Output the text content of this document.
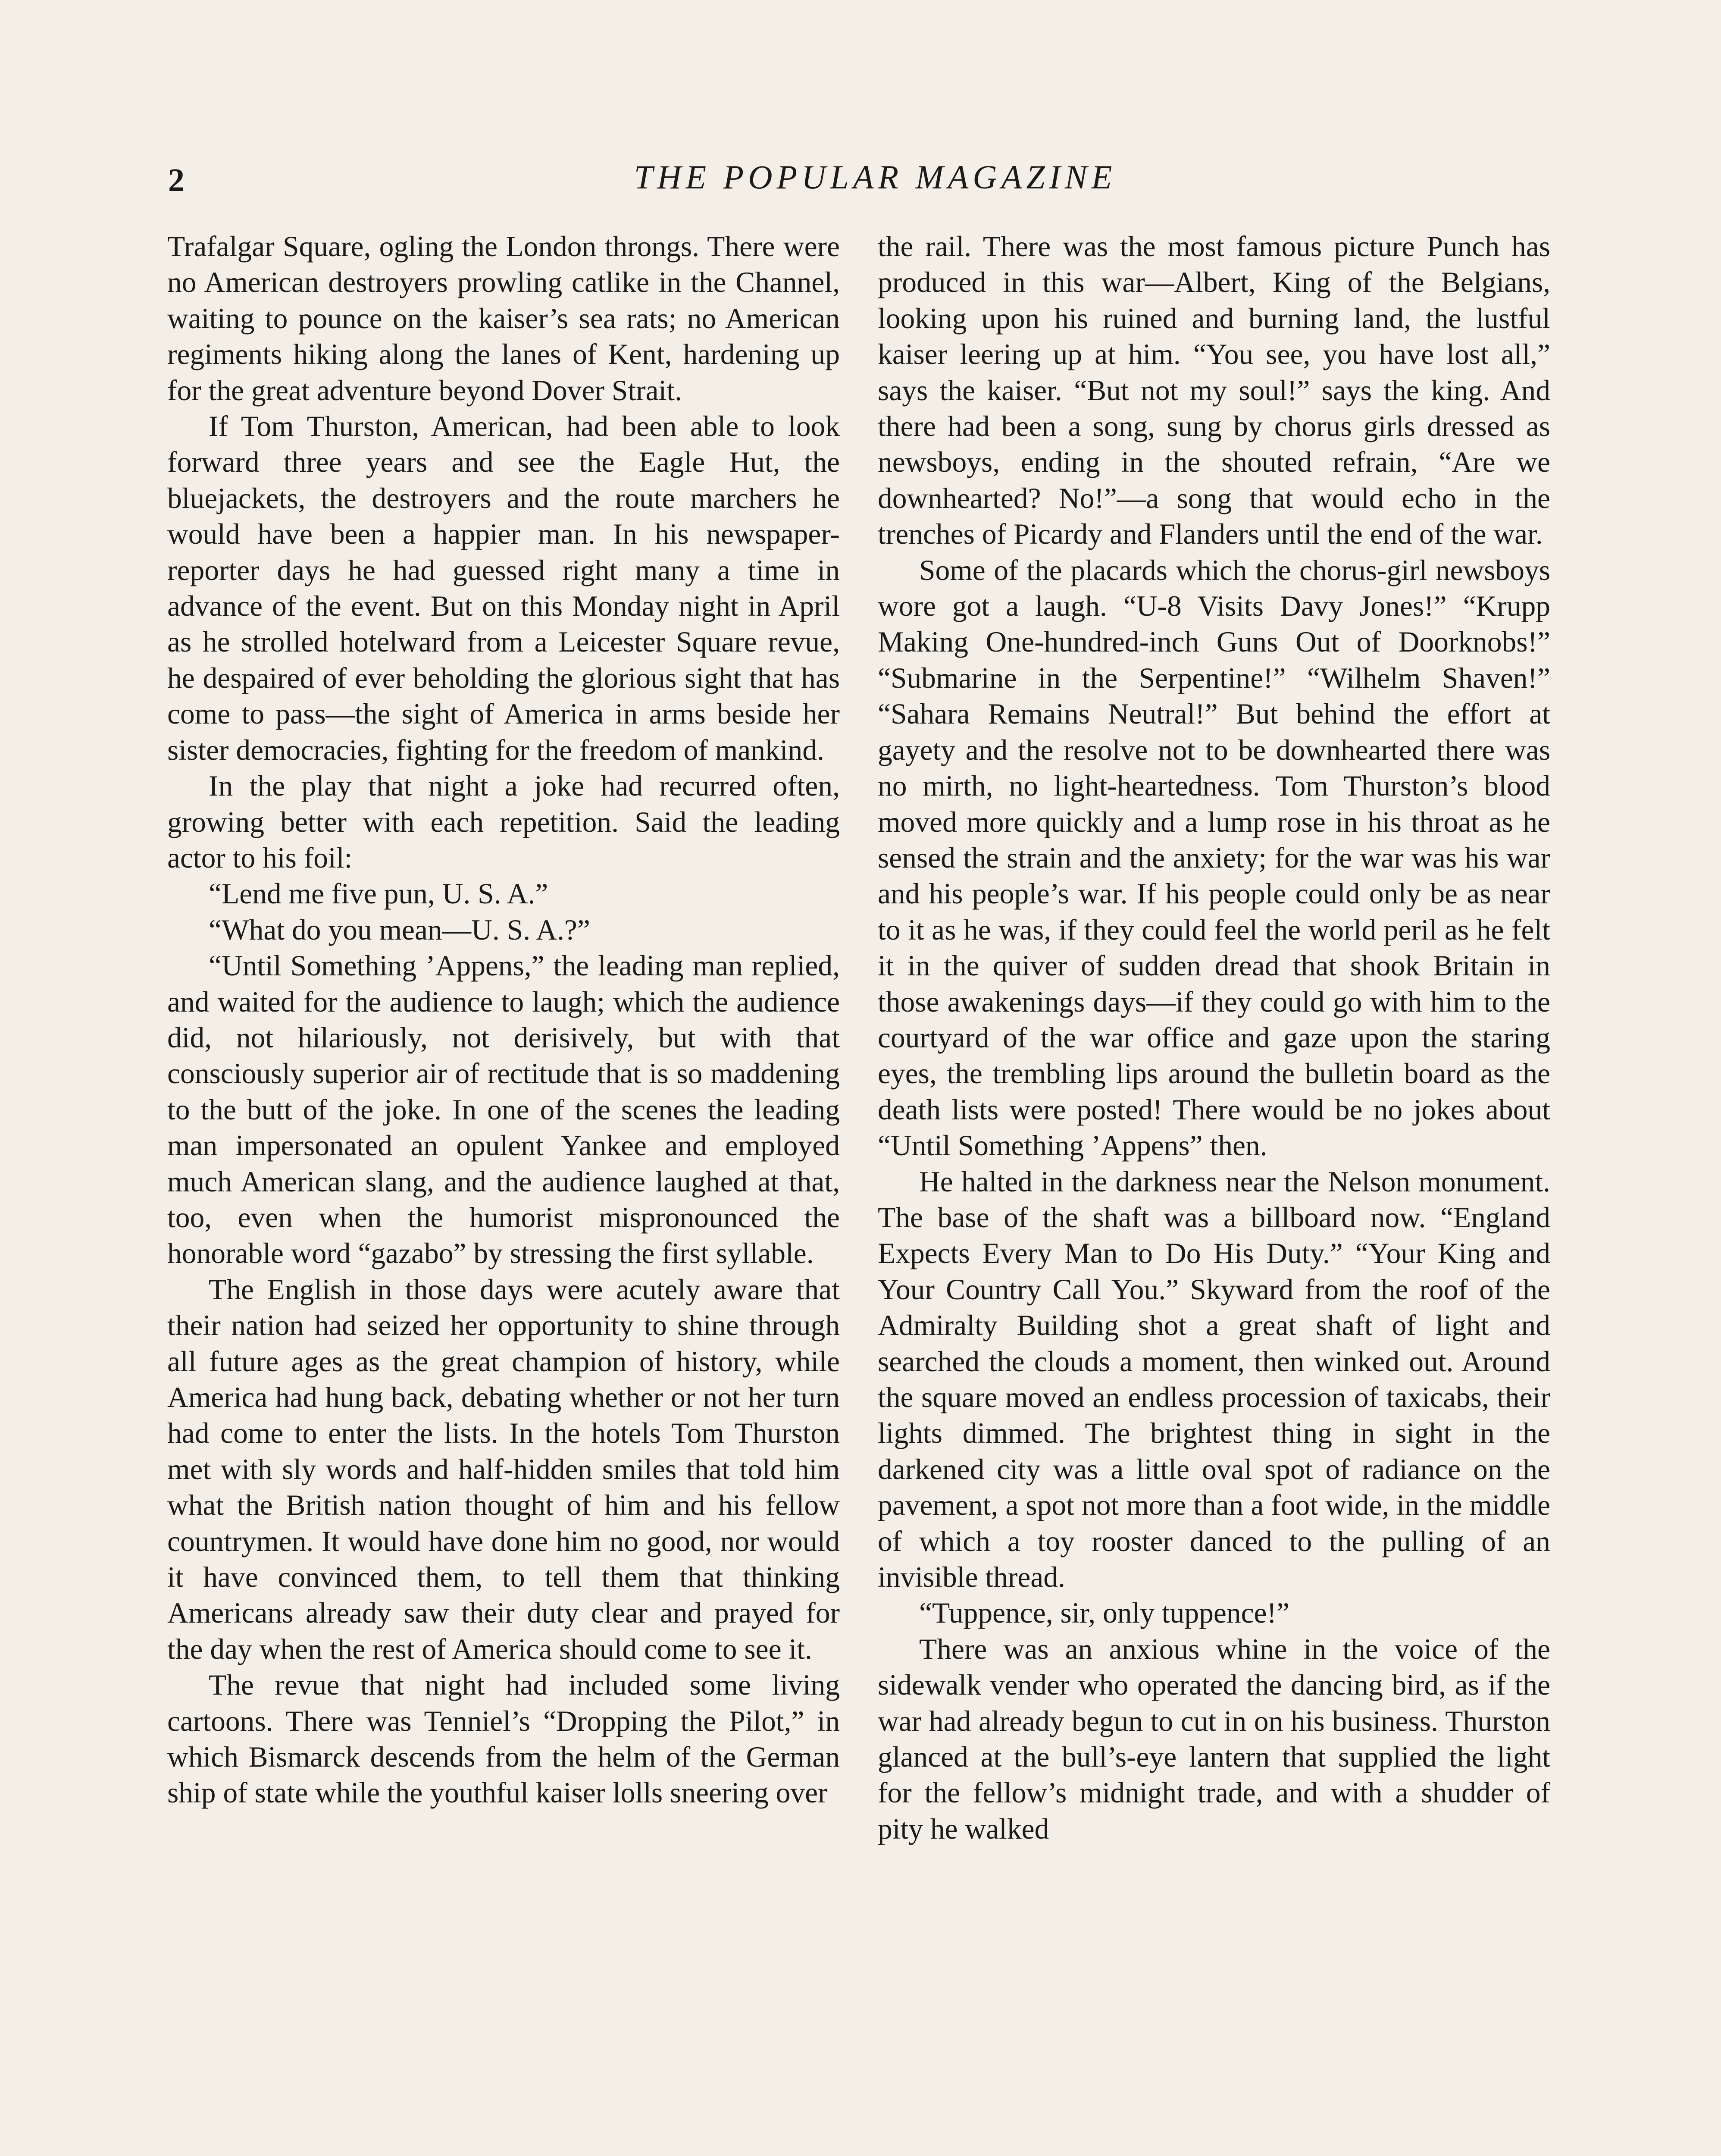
2	THE POPULAR MAGAZINE

Trafalgar Square, ogling the London throngs. There were no American destroyers prowling catlike in the Channel, waiting to pounce on the kaiser’s sea rats; no American regiments hiking along the lanes of Kent, hardening up for the great adventure beyond Dover Strait.

If Tom Thurston, American, had been able to look forward three years and see the Eagle Hut, the bluejackets, the destroyers and the route marchers he would have been a happier man. In his newspaper-reporter days he had guessed right many a time in advance of the event. But on this Monday night in April as he strolled hotelward from a Leicester Square revue, he despaired of ever beholding the glorious sight that has come to pass—the sight of America in arms beside her sister democracies, fighting for the freedom of mankind.

In the play that night a joke had recurred often, growing better with each repetition. Said the leading actor to his foil:

“Lend me five pun, U. S. A.”

“What do you mean—U. S. A.?”

“Until Something ’Appens,” the leading man replied, and waited for the audience to laugh; which the audience did, not hilariously, not derisively, but with that consciously superior air of rectitude that is so maddening to the butt of the joke. In one of the scenes the leading man impersonated an opulent Yankee and employed much American slang, and the audience laughed at that, too, even when the humorist mispronounced the honorable word “gazabo” by stressing the first syllable.

The English in those days were acutely aware that their nation had seized her opportunity to shine through all future ages as the great champion of history, while America had hung back, debating whether or not her turn had come to enter the lists. In the hotels Tom Thurston met with sly words and half-hidden smiles that told him what the British nation thought of him and his fellow countrymen. It would have done him no good, nor would it have convinced them, to tell them that thinking Americans already saw their duty clear and prayed for the day when the rest of America should come to see it.

The revue that night had included some living cartoons. There was Tenniel’s “Dropping the Pilot,” in which Bismarck descends from the helm of the German ship of state while the youthful kaiser lolls sneering over

the rail. There was the most famous picture Punch has produced in this war—Albert, King of the Belgians, looking upon his ruined and burning land, the lustful kaiser leering up at him. “You see, you have lost all,” says the kaiser. “But not my soul!” says the king. And there had been a song, sung by chorus girls dressed as newsboys, ending in the shouted refrain, “Are we downhearted? No!”—a song that would echo in the trenches of Picardy and Flanders until the end of the war.

Some of the placards which the chorus-girl newsboys wore got a laugh. “U-8 Visits Davy Jones!” “Krupp Making One-hundred-inch Guns Out of Doorknobs!” “Submarine in the Serpentine!” “Wilhelm Shaven!” “Sahara Remains Neutral!” But behind the effort at gayety and the resolve not to be downhearted there was no mirth, no light-heartedness. Tom Thurston’s blood moved more quickly and a lump rose in his throat as he sensed the strain and the anxiety; for the war was his war and his people’s war. If his people could only be as near to it as he was, if they could feel the world peril as he felt it in the quiver of sudden dread that shook Britain in those awakenings days—if they could go with him to the courtyard of the war office and gaze upon the staring eyes, the trembling lips around the bulletin board as the death lists were posted! There would be no jokes about “Until Something ’Appens” then.

He halted in the darkness near the Nelson monument. The base of the shaft was a billboard now. “England Expects Every Man to Do His Duty.” “Your King and Your Country Call You.” Skyward from the roof of the Admiralty Building shot a great shaft of light and searched the clouds a moment, then winked out. Around the square moved an endless procession of taxicabs, their lights dimmed. The brightest thing in sight in the darkened city was a little oval spot of radiance on the pavement, a spot not more than a foot wide, in the middle of which a toy rooster danced to the pulling of an invisible thread.

“Tuppence, sir, only tuppence!”

There was an anxious whine in the voice of the sidewalk vender who operated the dancing bird, as if the war had already begun to cut in on his business. Thurston glanced at the bull’s-eye lantern that supplied the light for the fellow’s midnight trade, and with a shudder of pity he walked
